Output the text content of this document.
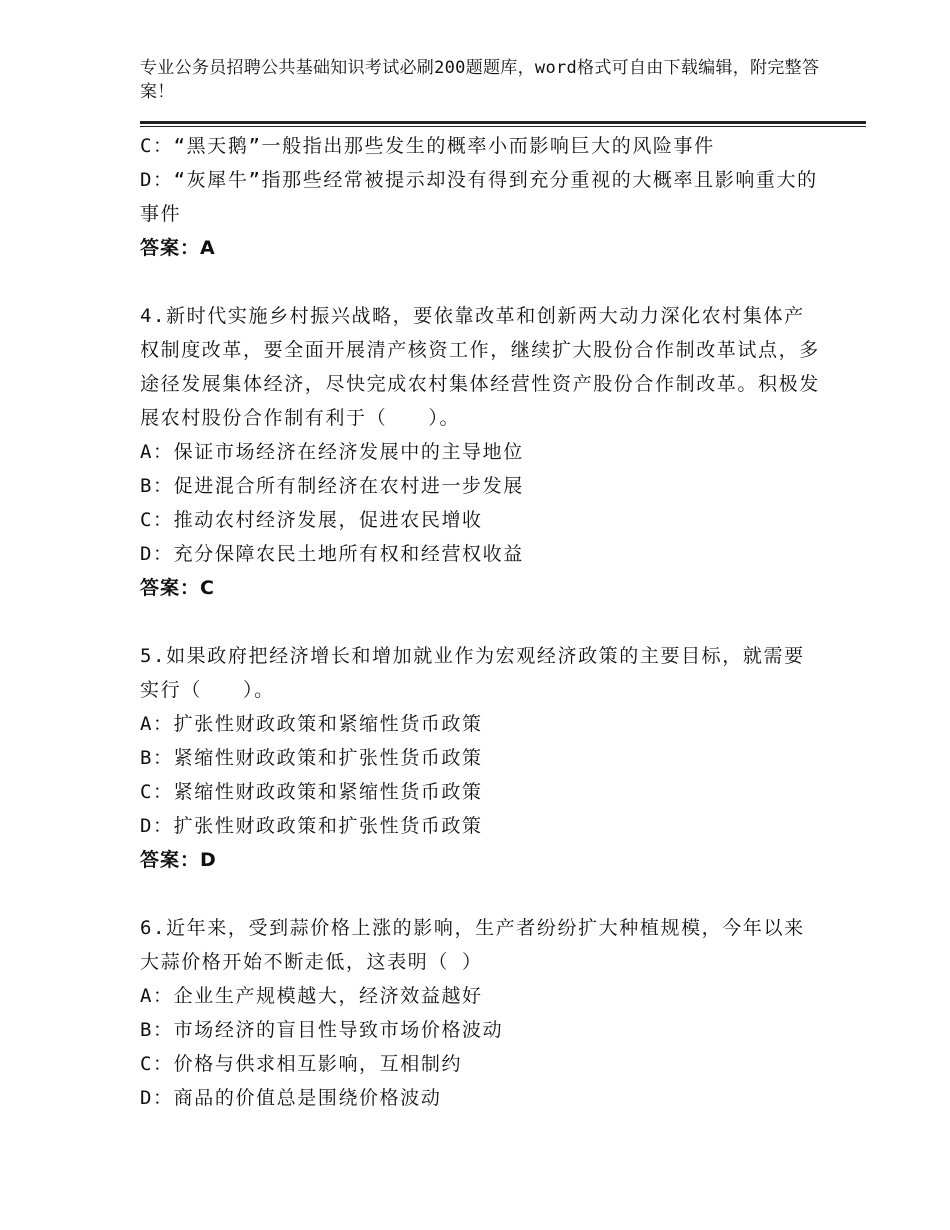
专业公务员招聘公共基础知识考试必刷200题题库，word格式可自由下载编辑，附完整答案！

C：“黑天鹅”一般指出那些发生的概率小而影响巨大的风险事件

D：“灰犀牛”指那些经常被提示却没有得到充分重视的大概率且影响重大的事件

答案：A

4.新时代实施乡村振兴战略，要依靠改革和创新两大动力深化农村集体产权制度改革，要全面开展清产核资工作，继续扩大股份合作制改革试点，多途径发展集体经济，尽快完成农村集体经营性资产股份合作制改革。积极发展农村股份合作制有利于（　　）。

A：保证市场经济在经济发展中的主导地位

B：促进混合所有制经济在农村进一步发展

C：推动农村经济发展，促进农民增收

D：充分保障农民土地所有权和经营权收益

答案：C

5.如果政府把经济增长和增加就业作为宏观经济政策的主要目标，就需要实行（　　）。

A：扩张性财政政策和紧缩性货币政策

B：紧缩性财政政策和扩张性货币政策

C：紧缩性财政政策和紧缩性货币政策

D：扩张性财政政策和扩张性货币政策

答案：D

6.近年来，受到蒜价格上涨的影响，生产者纷纷扩大种植规模，今年以来大蒜价格开始不断走低，这表明（ ）

A：企业生产规模越大，经济效益越好

B：市场经济的盲目性导致市场价格波动

C：价格与供求相互影响，互相制约

D：商品的价值总是围绕价格波动
